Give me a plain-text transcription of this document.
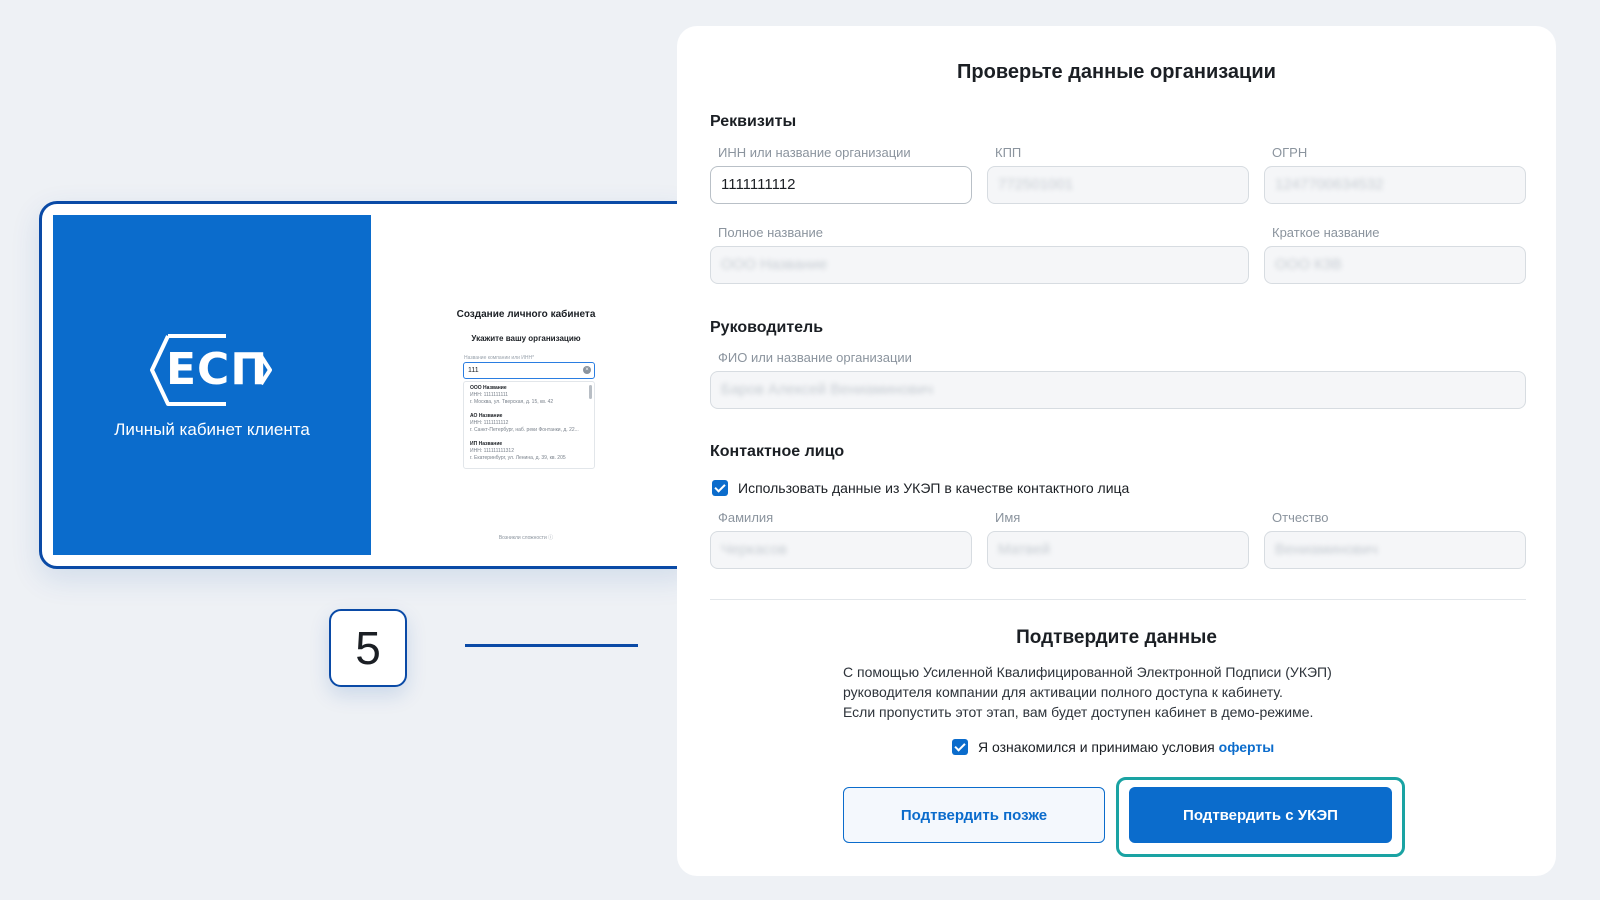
ЕСП
Личный кабинет клиента
Создание личного кабинета
Укажите вашу организацию
Название компании или ИНН*
111	×
ООО Название
ИНН: 1111111111
г. Москва, ул. Тверская, д. 15, кв. 42
АО Название
ИНН: 1111111112
г. Санкт-Петербург, наб. реки Фонтанки, д. 22...
ИП Название
ИНН: 111111111312
г. Екатеринбург, ул. Ленина, д. 39, кв. 205
Возникли сложности ⓘ
5
Проверьте данные организации
Реквизиты
ИНН или название организации	КПП	ОГРН
1111111112	772501001	1247700634532
Полное название	Краткое название
ООО Название	ООО КЗВ
Руководитель
ФИО или название организации
Баров Алексей Вениаминович
Контактное лицо
Использовать данные из УКЭП в качестве контактного лица
Фамилия	Имя	Отчество
Черкасов	Матвей	Вениаминович
Подтвердите данные
С помощью Усиленной Квалифицированной Электронной Подписи (УКЭП)
руководителя компании для активации полного доступа к кабинету.
Если пропустить этот этап, вам будет доступен кабинет в демо-режиме.
Я ознакомился и принимаю условия оферты
Подтвердить позже	Подтвердить с УКЭП
